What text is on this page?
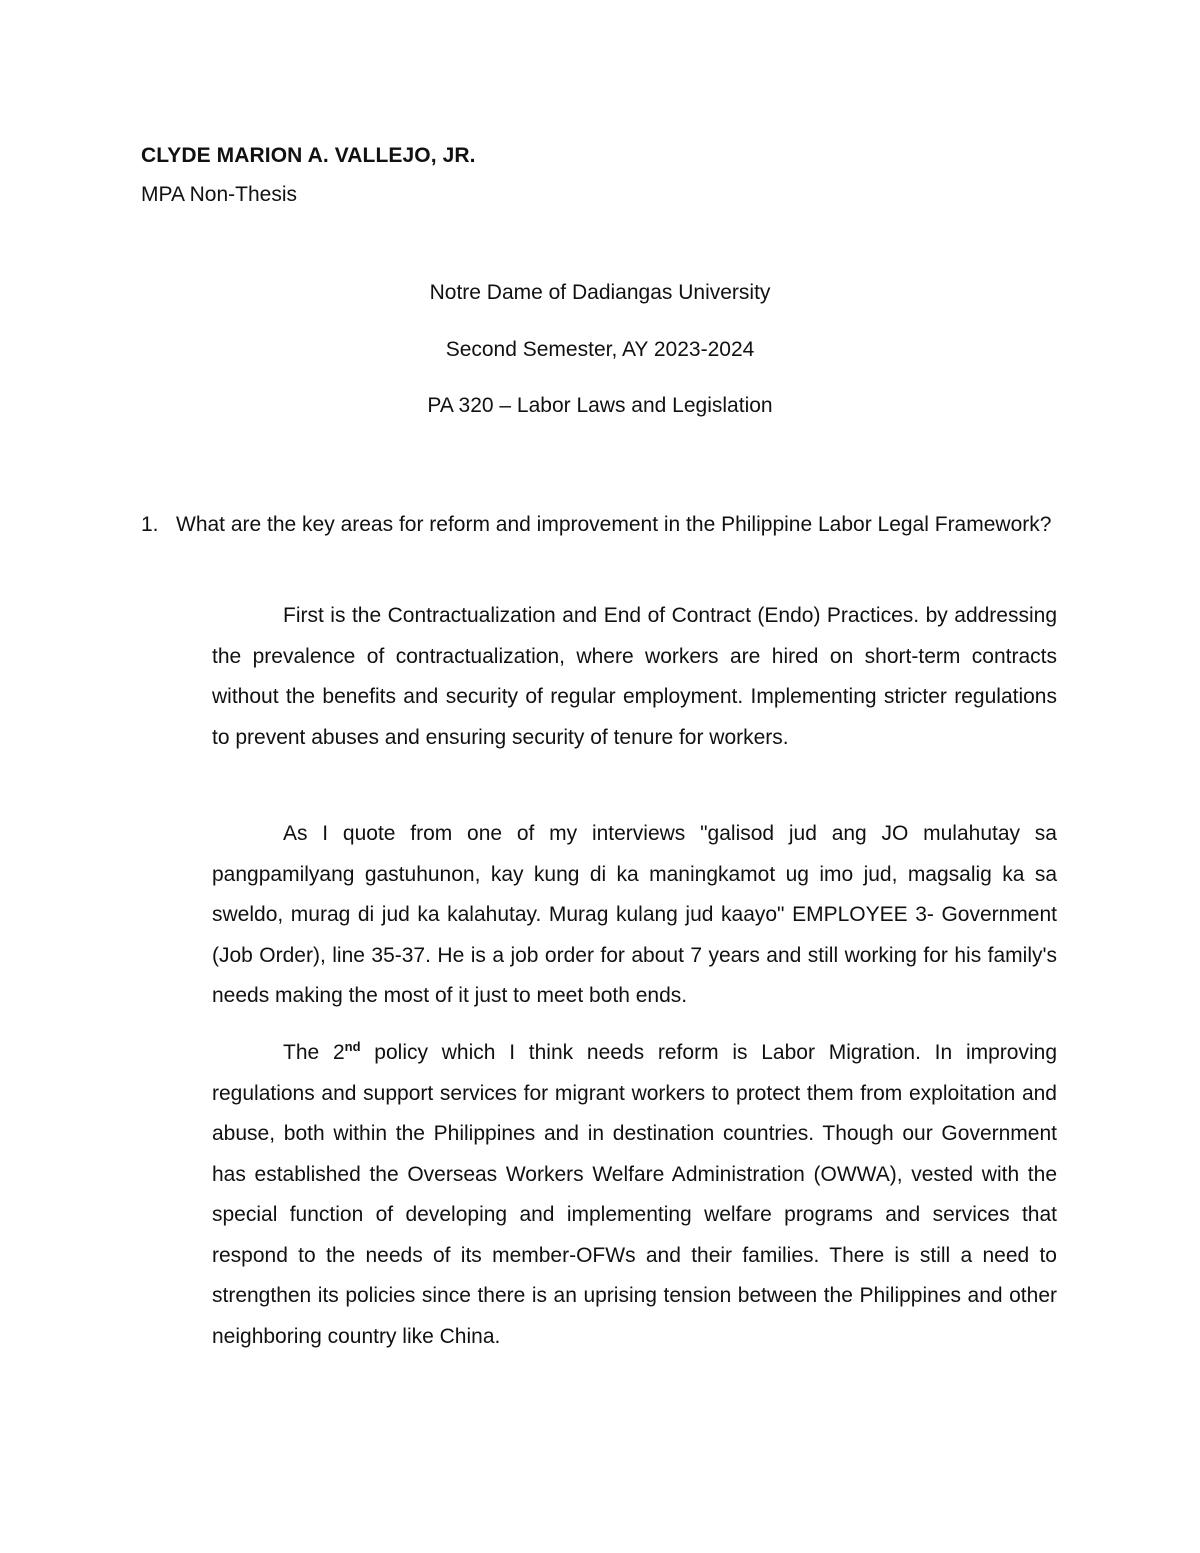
CLYDE MARION A. VALLEJO, JR.
MPA Non-Thesis
Notre Dame of Dadiangas University
Second Semester, AY 2023-2024
PA 320 – Labor Laws and Legislation
1. What are the key areas for reform and improvement in the Philippine Labor Legal Framework?

First is the Contractualization and End of Contract (Endo) Practices. by addressing the prevalence of contractualization, where workers are hired on short-term contracts without the benefits and security of regular employment. Implementing stricter regulations to prevent abuses and ensuring security of tenure for workers.

As I quote from one of my interviews "galisod jud ang JO mulahutay sa pangpamilyang gastuhunon, kay kung di ka maningkamot ug imo jud, magsalig ka sa sweldo, murag di jud ka kalahutay. Murag kulang jud kaayo" EMPLOYEE 3- Government (Job Order), line 35-37. He is a job order for about 7 years and still working for his family's needs making the most of it just to meet both ends.

The 2nd policy which I think needs reform is Labor Migration. In improving regulations and support services for migrant workers to protect them from exploitation and abuse, both within the Philippines and in destination countries. Though our Government has established the Overseas Workers Welfare Administration (OWWA), vested with the special function of developing and implementing welfare programs and services that respond to the needs of its member-OFWs and their families. There is still a need to strengthen its policies since there is an uprising tension between the Philippines and other neighboring country like China.
